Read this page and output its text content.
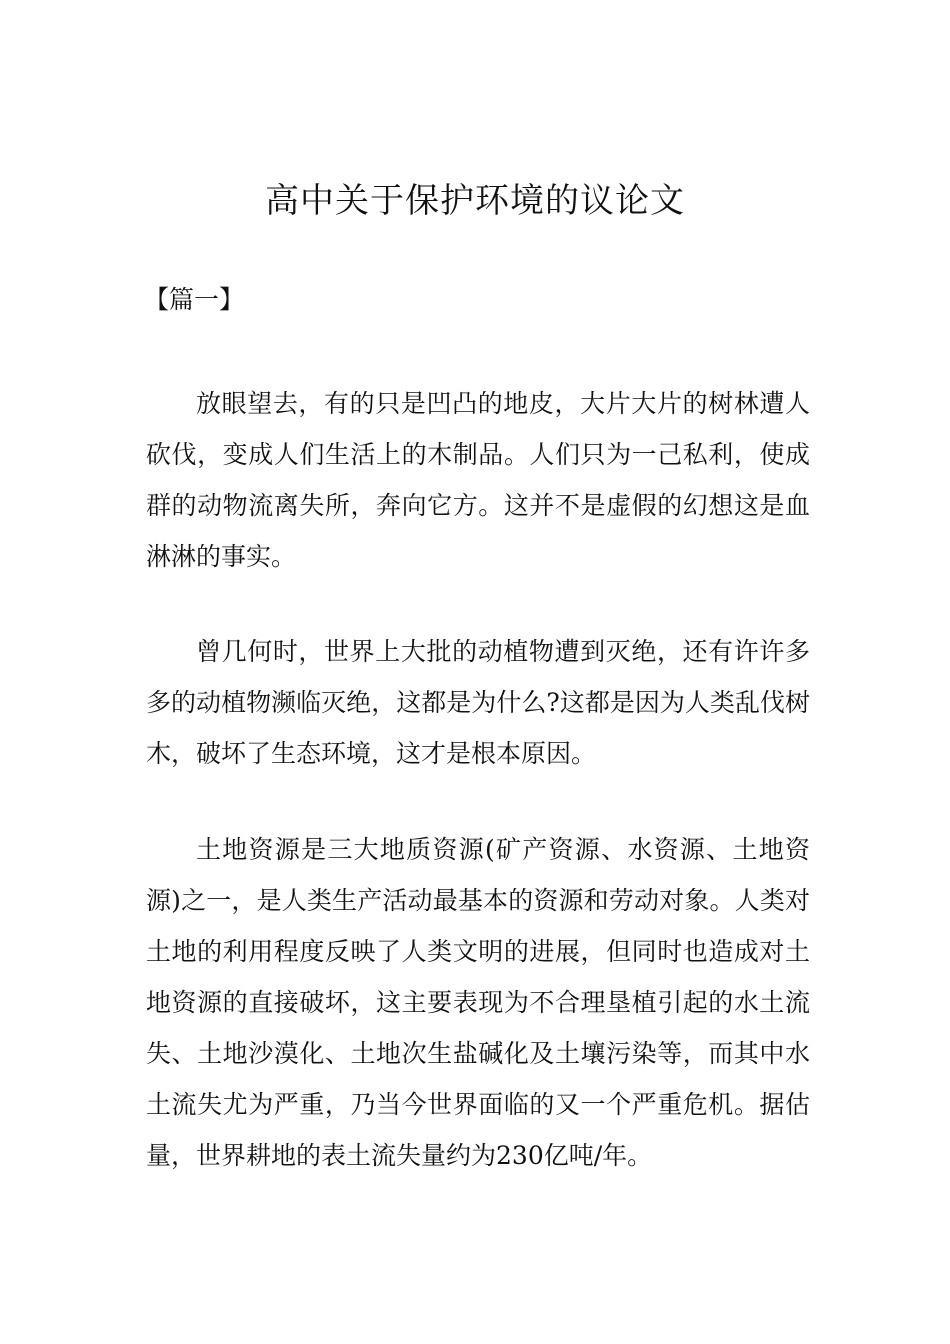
高中关于保护环境的议论文

【篇一】

放眼望去，有的只是凹凸的地皮，大片大片的树林遭人砍伐，变成人们生活上的木制品。人们只为一己私利，使成群的动物流离失所，奔向它方。这并不是虚假的幻想这是血淋淋的事实。

曾几何时，世界上大批的动植物遭到灭绝，还有许许多多的动植物濒临灭绝，这都是为什么?这都是因为人类乱伐树木，破坏了生态环境，这才是根本原因。

土地资源是三大地质资源(矿产资源、水资源、土地资源)之一，是人类生产活动最基本的资源和劳动对象。人类对土地的利用程度反映了人类文明的进展，但同时也造成对土地资源的直接破坏，这主要表现为不合理垦植引起的水土流失、土地沙漠化、土地次生盐碱化及土壤污染等，而其中水土流失尤为严重，乃当今世界面临的又一个严重危机。据估量，世界耕地的表土流失量约为230亿吨/年。
